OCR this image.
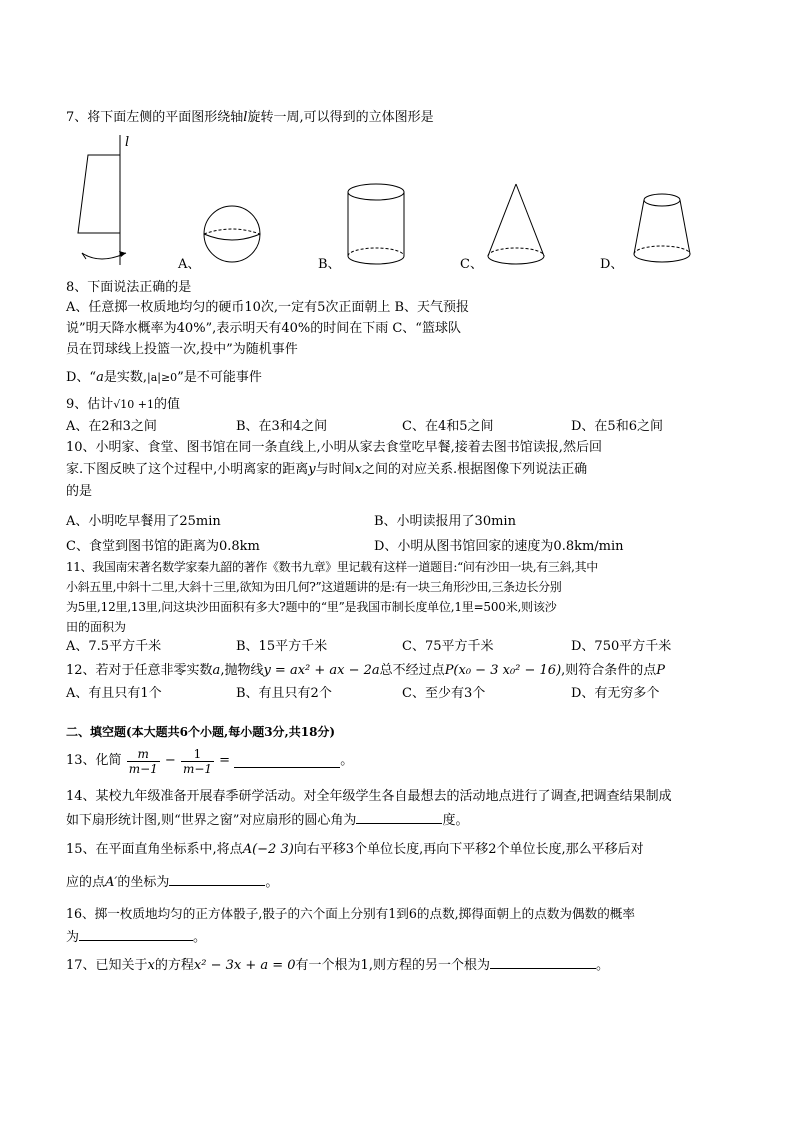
7、将下面左侧的平面图形绕轴l旋转一周,可以得到的立体图形是
l
A、	B、	C、	D、
8、下面说法正确的是
A、任意掷一枚质地均匀的硬币10次,一定有5次正面朝上 B、天气预报
说”明天降水概率为40%”,表示明天有40%的时间在下雨 C、“篮球队
员在罚球线上投篮一次,投中”为随机事件
D、“a是实数,|a|≥0”是不可能事件
9、估计√10 +1的值
A、在2和3之间	B、在3和4之间	C、在4和5之间	D、在5和6之间
10、小明家、食堂、图书馆在同一条直线上,小明从家去食堂吃早餐,接着去图书馆读报,然后回
家.下图反映了这个过程中,小明离家的距离y与时间x之间的对应关系.根据图像下列说法正确
的是
A、小明吃早餐用了25min	B、小明读报用了30min
C、食堂到图书馆的距离为0.8km	D、小明从图书馆回家的速度为0.8km/min
11、我国南宋著名数学家秦九韶的著作《数书九章》里记载有这样一道题目:“问有沙田一块,有三斜,其中
小斜五里,中斜十二里,大斜十三里,欲知为田几何?”这道题讲的是:有一块三角形沙田,三条边长分别
为5里,12里,13里,问这块沙田面积有多大?题中的“里”是我国市制长度单位,1里=500米,则该沙
田的面积为
A、7.5平方千米	B、15平方千米	C、75平方千米	D、750平方千米
12、若对于任意非零实数a,抛物线y = ax² + ax − 2a总不经过点P(x₀ − 3 x₀² − 16),则符合条件的点P
A、有且只有1个	B、有且只有2个	C、至少有3个	D、有无穷多个
二、填空题(本大题共6个小题,每小题3分,共18分)
13、化简 $\frac{m}{m-1} - \frac{1}{m-1}$ =	。
14、某校九年级准备开展春季研学活动。对全年级学生各自最想去的活动地点进行了调查,把调查结果制成
如下扇形统计图,则“世界之窗”对应扇形的圆心角为	度。
15、在平面直角坐标系中,将点A(−2 3)向右平移3个单位长度,再向下平移2个单位长度,那么平移后对
应的点A′的坐标为	。
16、掷一枚质地均匀的正方体骰子,骰子的六个面上分别有1到6的点数,掷得面朝上的点数为偶数的概率
为	。
17、已知关于x的方程x² − 3x + a = 0有一个根为1,则方程的另一个根为	。
